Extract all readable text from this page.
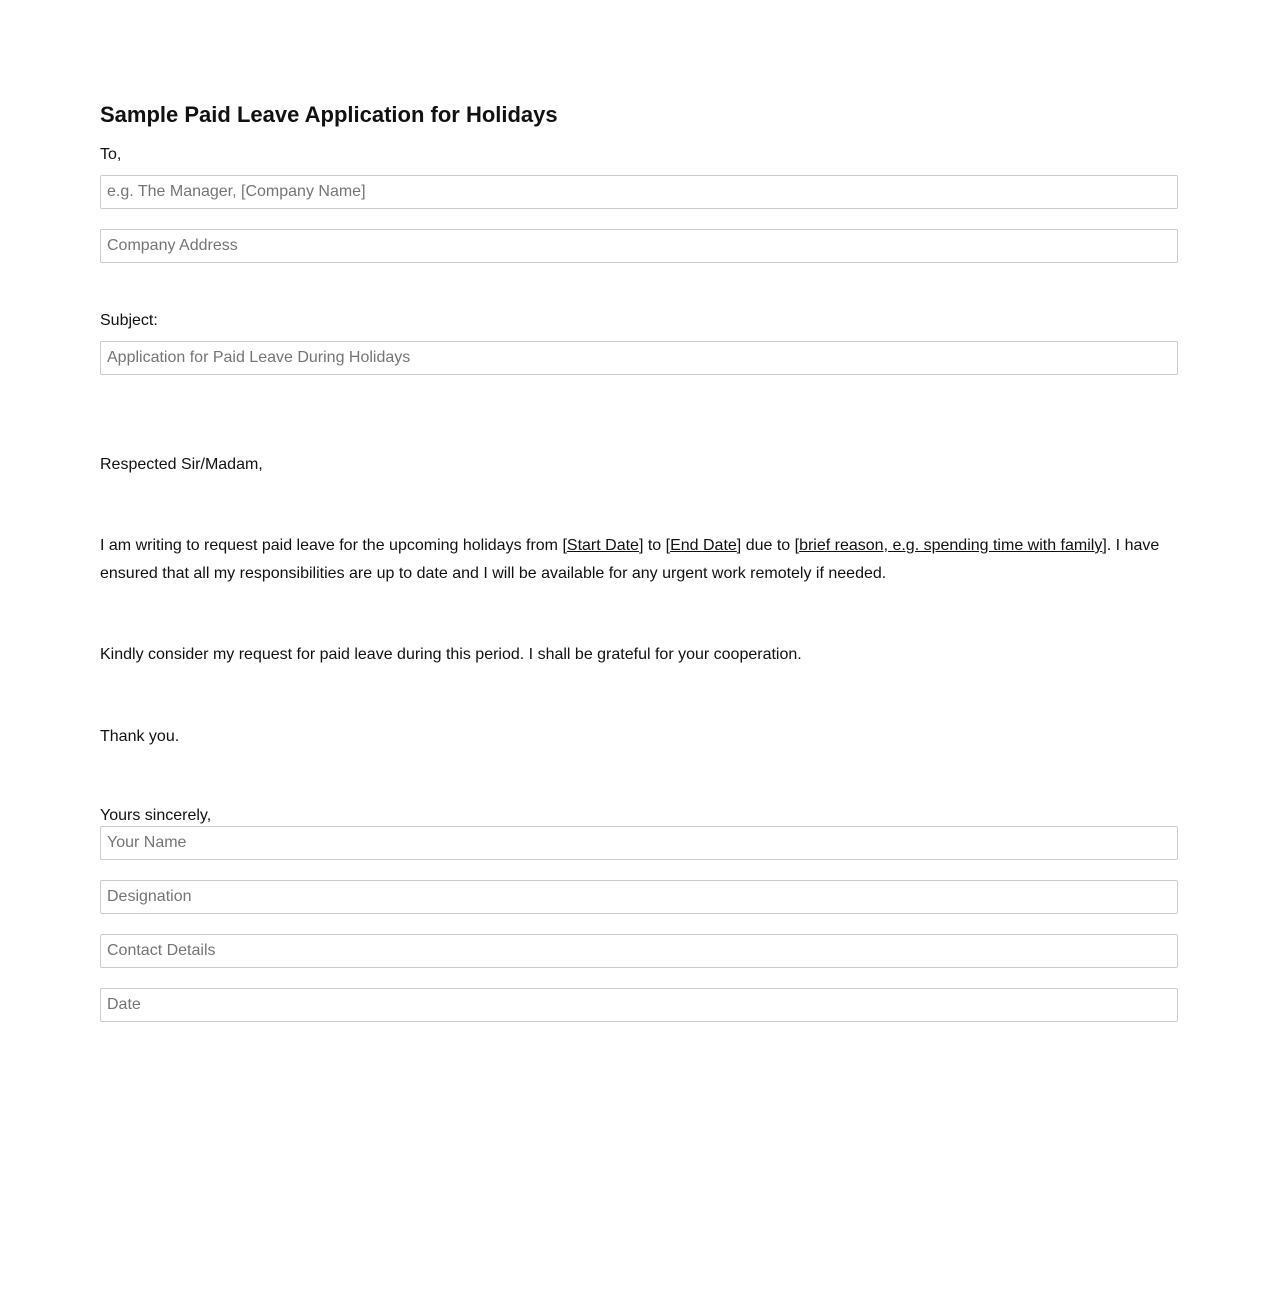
Sample Paid Leave Application for Holidays
To,
e.g. The Manager, [Company Name]
Company Address
Subject:
Application for Paid Leave During Holidays
Respected Sir/Madam,

I am writing to request paid leave for the upcoming holidays from [Start Date] to [End Date] due to [brief reason, e.g. spending time with family]. I have ensured that all my responsibilities are up to date and I will be available for any urgent work remotely if needed.

Kindly consider my request for paid leave during this period. I shall be grateful for your cooperation.

Thank you.

Yours sincerely,
Your Name
Designation
Contact Details
Date
